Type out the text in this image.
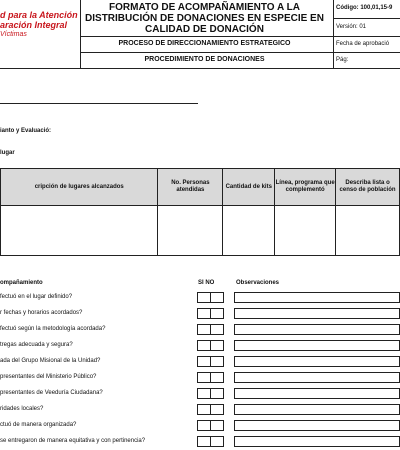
d para la Atención
aración Integral
Víctimas
FORMATO DE ACOMPAÑAMIENTO A LA
DISTRIBUCIÓN DE DONACIONES EN ESPECIE EN
CALIDAD DE DONACIÓN
PROCESO DE DIRECCIONAMIENTO ESTRATEGICO
PROCEDIMIENTO DE DONACIONES
Código: 100,01,15-9
Versión: 01
Fecha de aprobació
Pág:
ianto y Evaluació:
lugar
cripción de lugares alcanzados	No. Personas atendidas	Cantidad de kits	Línea, programa que complementó	Describa lista o censo de población

ompañamiento	SI NO	Observaciones
fectuó en el lugar definido?
r fechas y horarios acordados?
fectuó según la metodología acordada?
tregas adecuada y segura?
ada del Grupo Misional de la Unidad?
presentantes del Ministerio Público?
presentantes de Veeduría Ciudadana?
ridades locales?
ctuó de manera organizada?
se entregaron de manera equitativa y con pertinencia?
